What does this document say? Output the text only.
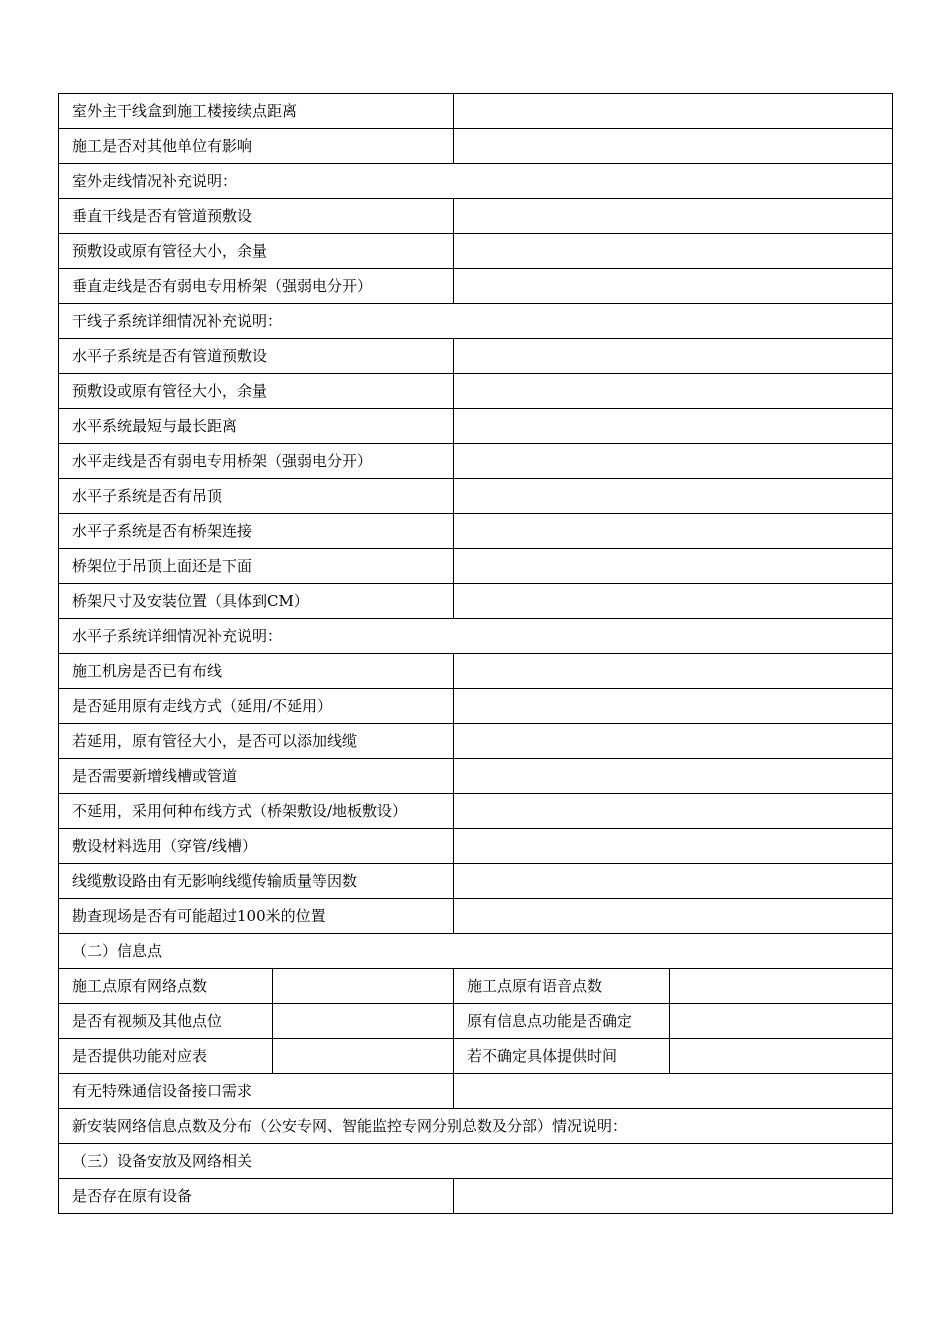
室外主干线盒到施工楼接续点距离			
施工是否对其他单位有影响			
室外走线情况补充说明：			
垂直干线是否有管道预敷设			
预敷设或原有管径大小，余量			
垂直走线是否有弱电专用桥架（强弱电分开）			
干线子系统详细情况补充说明：			
水平子系统是否有管道预敷设			
预敷设或原有管径大小，余量			
水平系统最短与最长距离			
水平走线是否有弱电专用桥架（强弱电分开）			
水平子系统是否有吊顶			
水平子系统是否有桥架连接			
桥架位于吊顶上面还是下面			
桥架尺寸及安装位置（具体到CM）			
水平子系统详细情况补充说明：			
施工机房是否已有布线			
是否延用原有走线方式（延用/不延用）			
若延用，原有管径大小，是否可以添加线缆			
是否需要新增线槽或管道			
不延用，采用何种布线方式（桥架敷设/地板敷设）			
敷设材料选用（穿管/线槽）			
线缆敷设路由有无影响线缆传输质量等因数			
勘查现场是否有可能超过100米的位置			
（二）信息点			
施工点原有网络点数		施工点原有语音点数	
是否有视频及其他点位		原有信息点功能是否确定	
是否提供功能对应表		若不确定具体提供时间	
有无特殊通信设备接口需求			
新安装网络信息点数及分布（公安专网、智能监控专网分别总数及分部）情况说明：			
（三）设备安放及网络相关			
是否存在原有设备			
